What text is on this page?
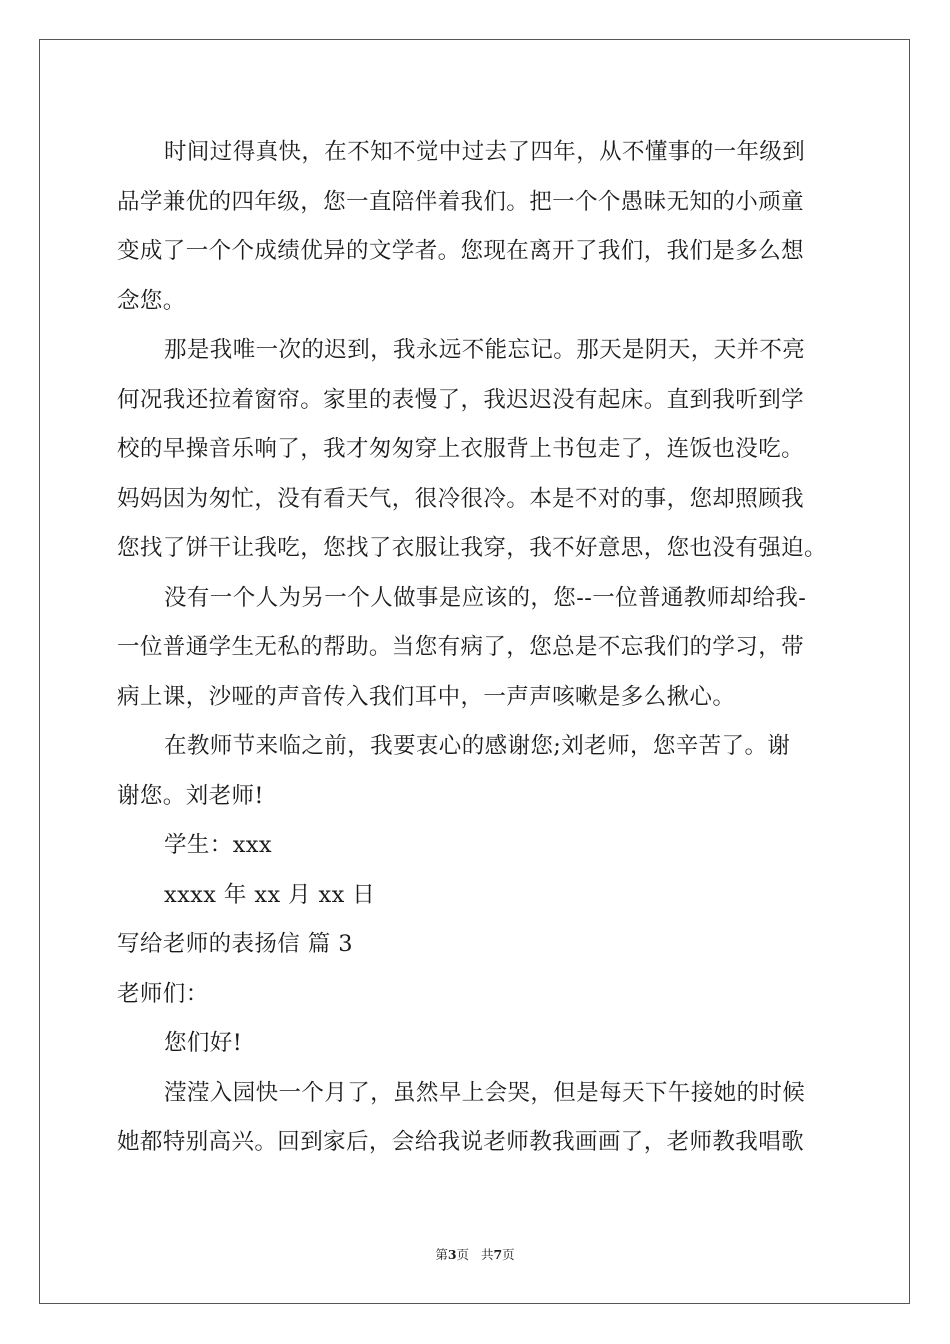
时间过得真快，在不知不觉中过去了四年，从不懂事的一年级到
品学兼优的四年级，您一直陪伴着我们。把一个个愚昧无知的小顽童
变成了一个个成绩优异的文学者。您现在离开了我们，我们是多么想
念您。
那是我唯一次的迟到，我永远不能忘记。那天是阴天，天并不亮
何况我还拉着窗帘。家里的表慢了，我迟迟没有起床。直到我听到学
校的早操音乐响了，我才匆匆穿上衣服背上书包走了，连饭也没吃。
妈妈因为匆忙，没有看天气，很冷很冷。本是不对的事，您却照顾我
您找了饼干让我吃，您找了衣服让我穿，我不好意思，您也没有强迫。
没有一个人为另一个人做事是应该的，您--一位普通教师却给我-
一位普通学生无私的帮助。当您有病了，您总是不忘我们的学习，带
病上课，沙哑的声音传入我们耳中，一声声咳嗽是多么揪心。
在教师节来临之前，我要衷心的感谢您;刘老师，您辛苦了。谢
谢您。刘老师!
学生：xxx
xxxx 年 xx 月 xx 日
写给老师的表扬信 篇 3
老师们：
您们好!
滢滢入园快一个月了，虽然早上会哭，但是每天下午接她的时候
她都特别高兴。回到家后，会给我说老师教我画画了，老师教我唱歌
第3页   共7页
